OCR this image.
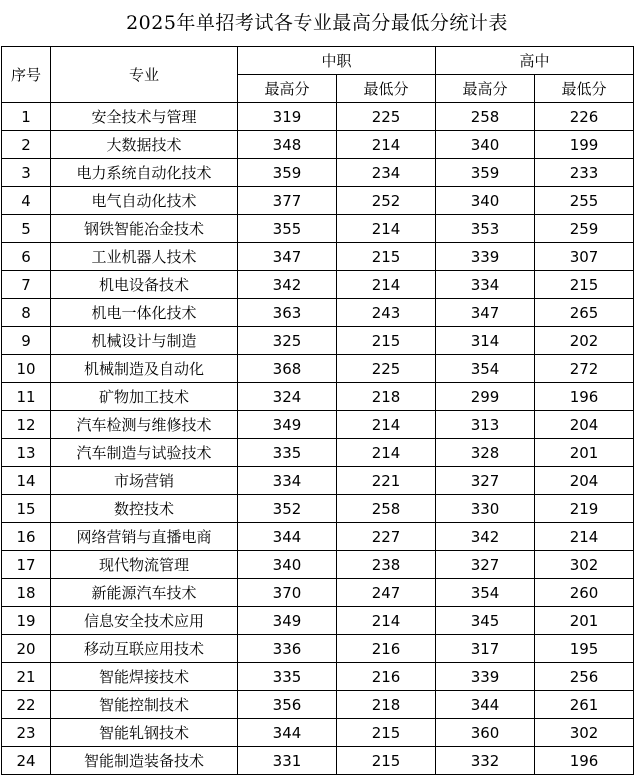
2025年单招考试各专业最高分最低分统计表
序号	专业	中职		高中	
		最高分	最低分	最高分	最低分
1	安全技术与管理	319	225	258	226
2	大数据技术	348	214	340	199
3	电力系统自动化技术	359	234	359	233
4	电气自动化技术	377	252	340	255
5	钢铁智能冶金技术	355	214	353	259
6	工业机器人技术	347	215	339	307
7	机电设备技术	342	214	334	215
8	机电一体化技术	363	243	347	265
9	机械设计与制造	325	215	314	202
10	机械制造及自动化	368	225	354	272
11	矿物加工技术	324	218	299	196
12	汽车检测与维修技术	349	214	313	204
13	汽车制造与试验技术	335	214	328	201
14	市场营销	334	221	327	204
15	数控技术	352	258	330	219
16	网络营销与直播电商	344	227	342	214
17	现代物流管理	340	238	327	302
18	新能源汽车技术	370	247	354	260
19	信息安全技术应用	349	214	345	201
20	移动互联应用技术	336	216	317	195
21	智能焊接技术	335	216	339	256
22	智能控制技术	356	218	344	261
23	智能轧钢技术	344	215	360	302
24	智能制造装备技术	331	215	332	196
